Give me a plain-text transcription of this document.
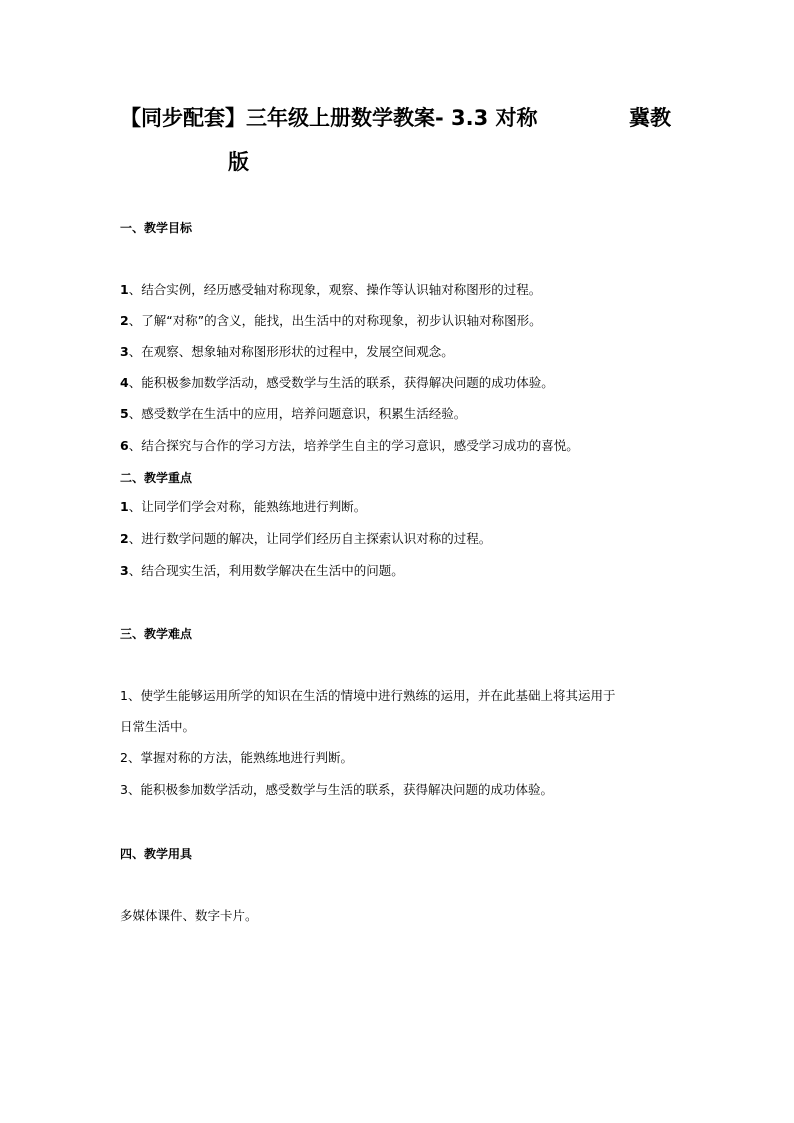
【同步配套】三年级上册数学教案- 3.3 对称	冀教
版
一、教学目标
1、结合实例，经历感受轴对称现象，观察、操作等认识轴对称图形的过程。
2、了解“对称”的含义，能找，出生活中的对称现象，初步认识轴对称图形。
3、在观察、想象轴对称图形形状的过程中，发展空间观念。
4、能积极参加数学活动，感受数学与生活的联系，获得解决问题的成功体验。
5、感受数学在生活中的应用，培养问题意识，积累生活经验。
6、结合探究与合作的学习方法，培养学生自主的学习意识，感受学习成功的喜悦。
二、教学重点
1、让同学们学会对称，能熟练地进行判断。
2、进行数学问题的解决，让同学们经历自主探索认识对称的过程。
3、结合现实生活，利用数学解决在生活中的问题。
三、教学难点
1、使学生能够运用所学的知识在生活的情境中进行熟练的运用，并在此基础上将其运用于
日常生活中。
2、掌握对称的方法，能熟练地进行判断。
3、能积极参加数学活动，感受数学与生活的联系，获得解决问题的成功体验。
四、教学用具
多媒体课件、数字卡片。
